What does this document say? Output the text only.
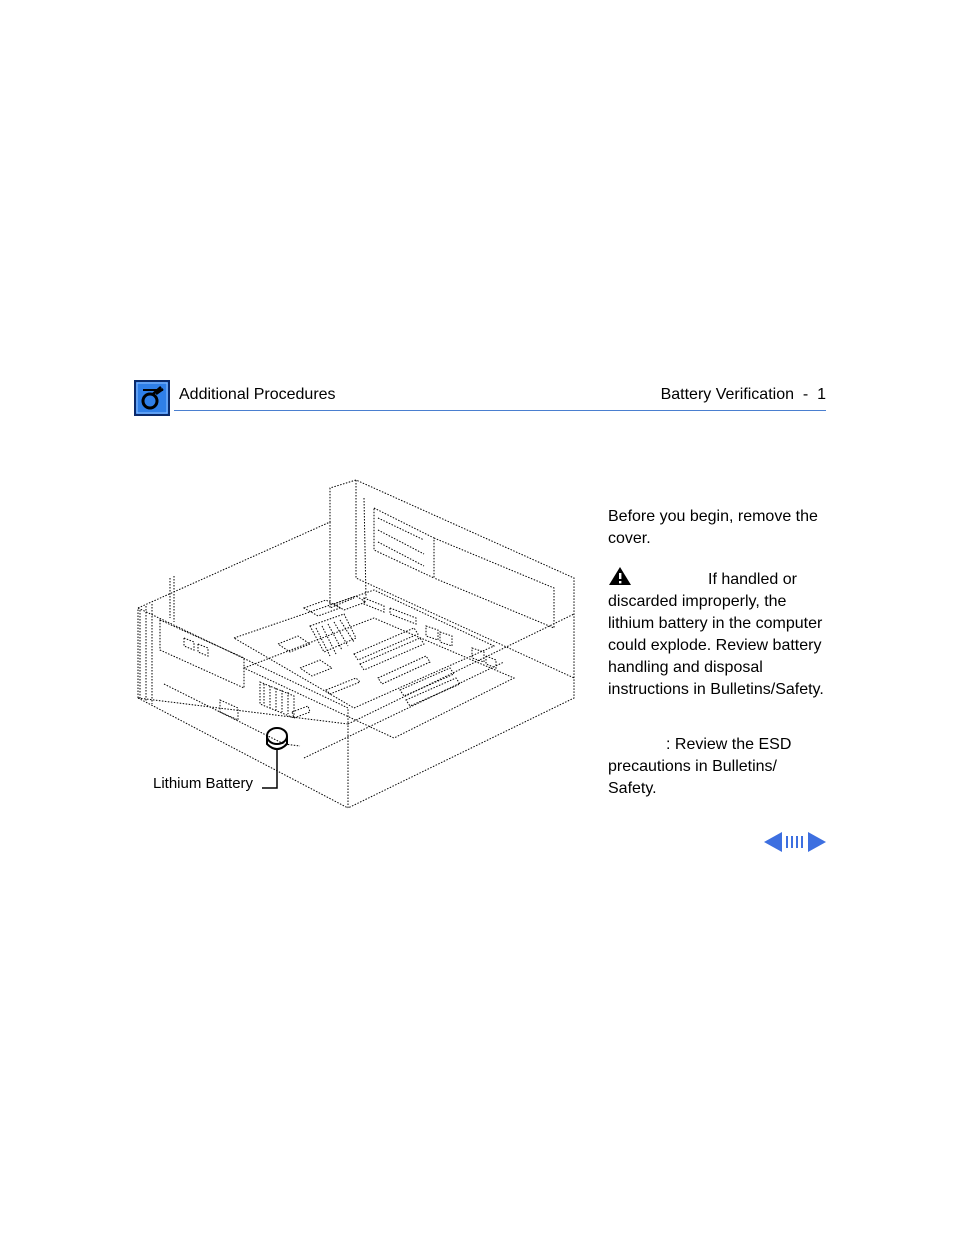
Additional Procedures	Battery Verification  -  1
Lithium Battery
Before you begin, remove the cover.
If handled or discarded improperly, the lithium battery in the computer could explode. Review battery handling and disposal instructions in Bulletins/Safety.
: Review the ESD precautions in Bulletins/ Safety.
